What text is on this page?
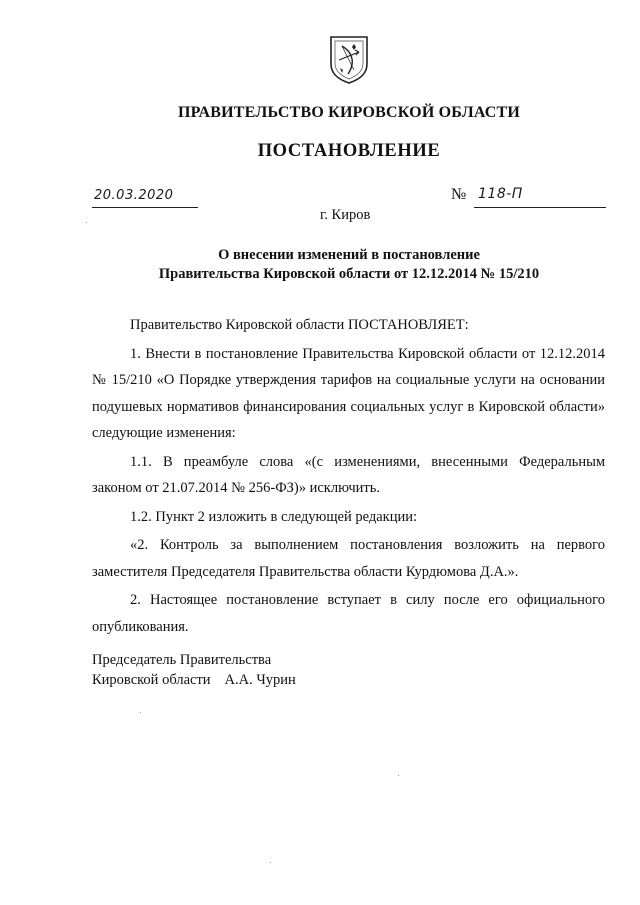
ПРАВИТЕЛЬСТВО КИРОВСКОЙ ОБЛАСТИ
ПОСТАНОВЛЕНИЕ
20.03.2020	№ 118-П
г. Киров
О внесении изменений в постановление
Правительства Кировской области от 12.12.2014 № 15/210

Правительство Кировской области ПОСТАНОВЛЯЕТ:

1. Внести в постановление Правительства Кировской области от 12.12.2014 № 15/210 «О Порядке утверждения тарифов на социальные услуги на основании подушевых нормативов финансирования социальных услуг в Кировской области» следующие изменения:

1.1. В преамбуле слова «(с изменениями, внесенными Федеральным законом от 21.07.2014 № 256-ФЗ)» исключить.

1.2. Пункт 2 изложить в следующей редакции:

«2. Контроль за выполнением постановления возложить на первого заместителя Председателя Правительства области Курдюмова Д.А.».

2. Настоящее постановление вступает в силу после его официального опубликования.

Председатель Правительства
Кировской области А.А. Чурин
